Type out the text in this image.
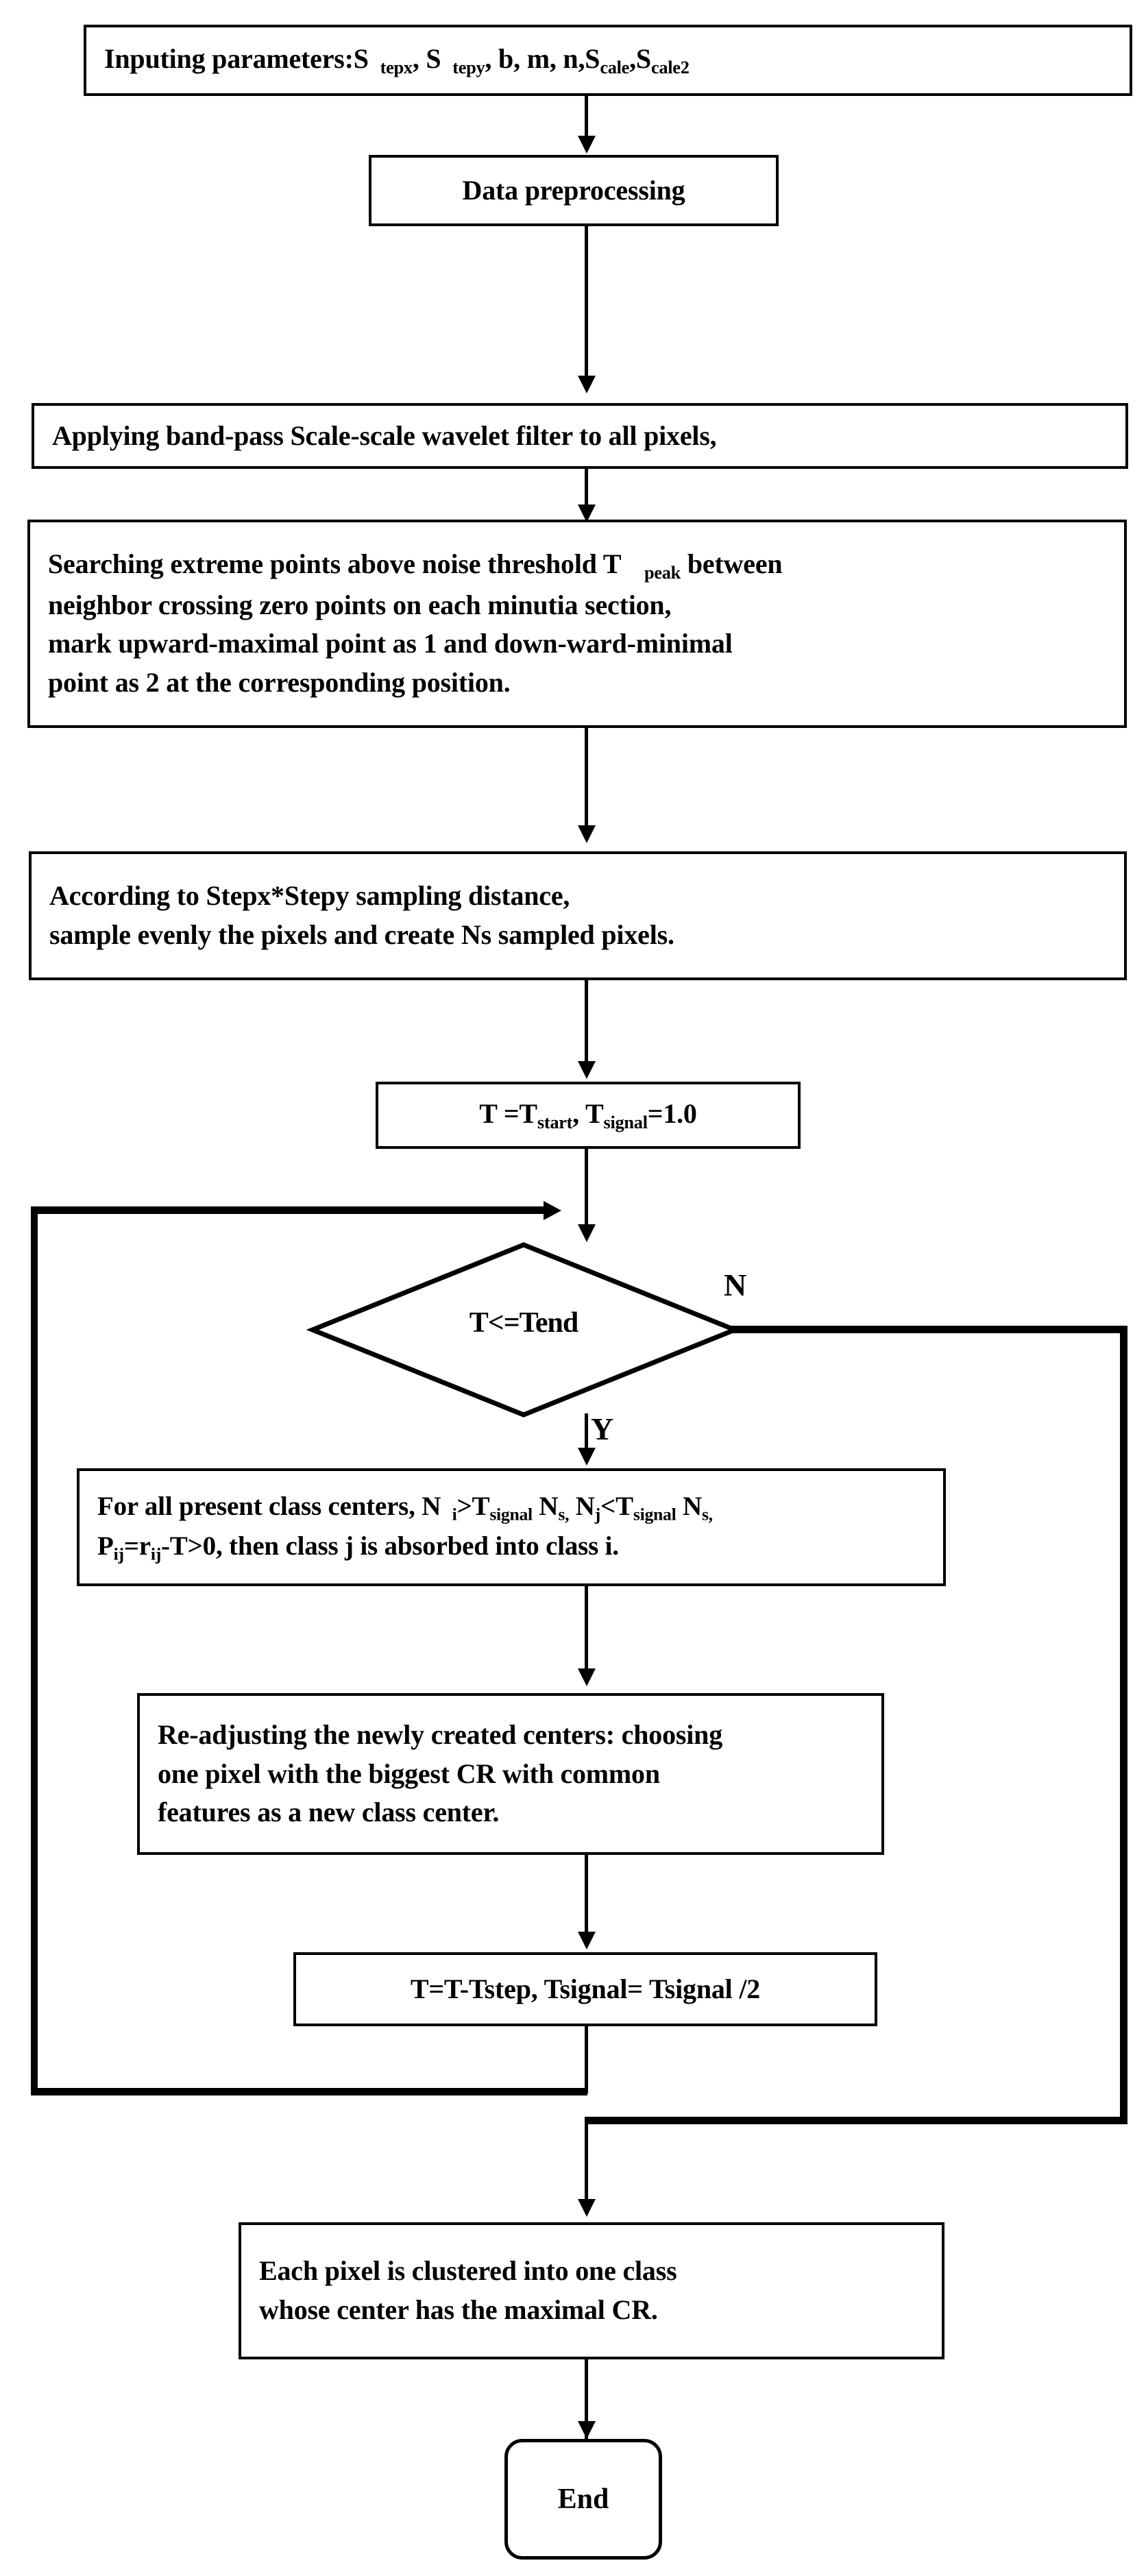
Inputing parameters:S $_{tepx}$, S $_{tepy}$, b, m, $n,S_{cale},S_{cale2}$
Data preprocessing
Applying band-pass Scale-scale wavelet filter to all pixels,
Searching extreme points above noise threshold T $_{peak}$ between
neighbor crossing zero points on each minutia section,
mark upward-maximal point as 1 and down-ward-minimal
point as 2 at the corresponding position.
According to Stepx*Stepy sampling distance,
sample evenly the pixels and create Ns sampled pixels.
$T =T_{start}$, $T_{signal}=1.0$
T<=Tend
N
Y
For all present class centers, N $_i>T_{signal}$ $N_{s,}$ $N_j<T_{signal}$ $N_{s,}$
$P_{ij}=r_{ij}-T>0$, then class j is absorbed into class i.
Re-adjusting the newly created centers: choosing
one pixel with the biggest CR with common
features as a new class center.
T=T-Tstep, Tsignal= Tsignal /2
Each pixel is clustered into one class
whose center has the maximal CR.
End
